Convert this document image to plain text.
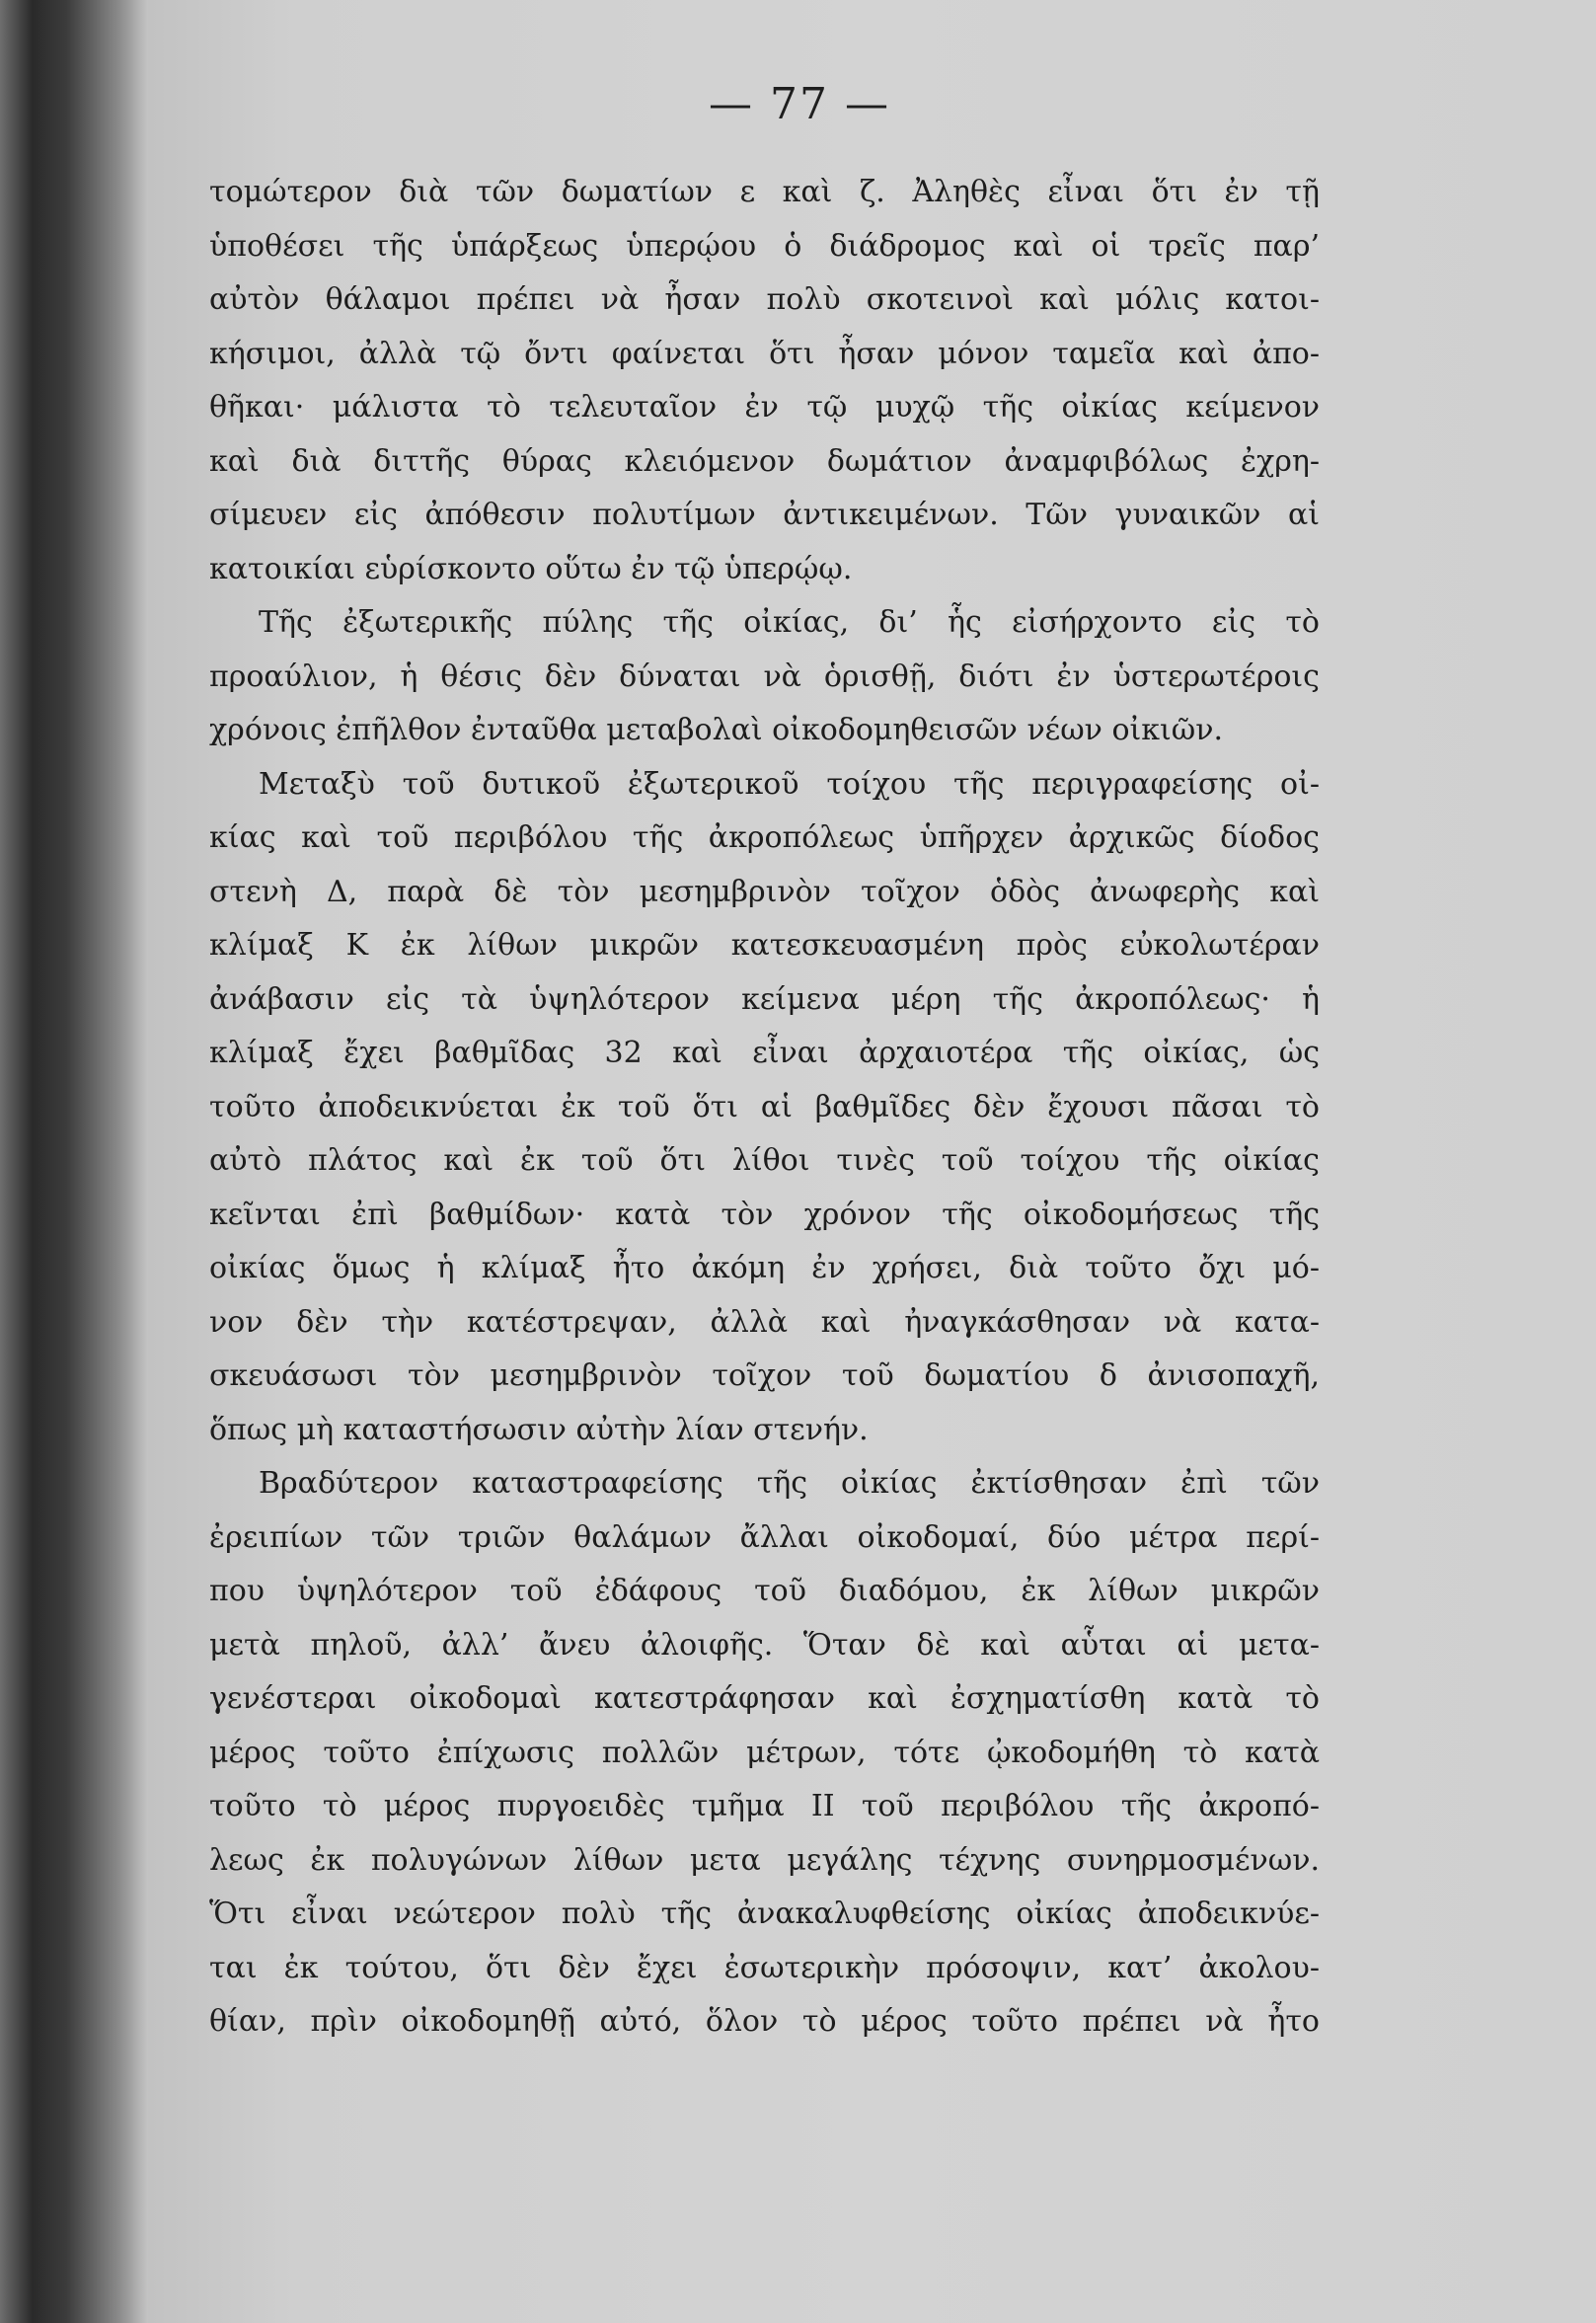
— 77 —
τομώτερον διὰ τῶν δωματίων ε καὶ ζ. Ἀληθὲς εἶναι ὅτι ἐν τῇ
ὑποθέσει τῆς ὑπάρξεως ὑπερῴου ὁ διάδρομος καὶ οἱ τρεῖς παρ’
αὐτὸν θάλαμοι πρέπει νὰ ἦσαν πολὺ σκοτεινοὶ καὶ μόλις κατοι-
κήσιμοι, ἀλλὰ τῷ ὄντι φαίνεται ὅτι ἦσαν μόνον ταμεῖα καὶ ἀπο-
θῆκαι· μάλιστα τὸ τελευταῖον ἐν τῷ μυχῷ τῆς οἰκίας κείμενον
καὶ διὰ διττῆς θύρας κλειόμενον δωμάτιον ἀναμφιβόλως ἐχρη-
σίμευεν εἰς ἀπόθεσιν πολυτίμων ἀντικειμένων. Τῶν γυναικῶν αἱ
κατοικίαι εὑρίσκοντο οὕτω ἐν τῷ ὑπερῴῳ.
Τῆς ἐξωτερικῆς πύλης τῆς οἰκίας, δι’ ἧς εἰσήρχοντο εἰς τὸ
προαύλιον, ἡ θέσις δὲν δύναται νὰ ὁρισθῇ, διότι ἐν ὑστερωτέροις
χρόνοις ἐπῆλθον ἐνταῦθα μεταβολαὶ οἰκοδομηθεισῶν νέων οἰκιῶν.
Μεταξὺ τοῦ δυτικοῦ ἐξωτερικοῦ τοίχου τῆς περιγραφείσης οἰ-
κίας καὶ τοῦ περιβόλου τῆς ἀκροπόλεως ὑπῆρχεν ἀρχικῶς δίοδος
στενὴ Δ, παρὰ δὲ τὸν μεσημβρινὸν τοῖχον ὁδὸς ἀνωφερὴς καὶ
κλίμαξ Κ ἐκ λίθων μικρῶν κατεσκευασμένη πρὸς εὐκολωτέραν
ἀνάβασιν εἰς τὰ ὑψηλότερον κείμενα μέρη τῆς ἀκροπόλεως· ἡ
κλίμαξ ἔχει βαθμῖδας 32 καὶ εἶναι ἀρχαιοτέρα τῆς οἰκίας, ὡς
τοῦτο ἀποδεικνύεται ἐκ τοῦ ὅτι αἱ βαθμῖδες δὲν ἔχουσι πᾶσαι τὸ
αὐτὸ πλάτος καὶ ἐκ τοῦ ὅτι λίθοι τινὲς τοῦ τοίχου τῆς οἰκίας
κεῖνται ἐπὶ βαθμίδων· κατὰ τὸν χρόνον τῆς οἰκοδομήσεως τῆς
οἰκίας ὅμως ἡ κλίμαξ ἦτο ἀκόμη ἐν χρήσει, διὰ τοῦτο ὄχι μό-
νον δὲν τὴν κατέστρεψαν, ἀλλὰ καὶ ἠναγκάσθησαν νὰ κατα-
σκευάσωσι τὸν μεσημβρινὸν τοῖχον τοῦ δωματίου δ ἀνισοπαχῆ,
ὅπως μὴ καταστήσωσιν αὐτὴν λίαν στενήν.
Βραδύτερον καταστραφείσης τῆς οἰκίας ἐκτίσθησαν ἐπὶ τῶν
ἐρειπίων τῶν τριῶν θαλάμων ἄλλαι οἰκοδομαί, δύο μέτρα περί-
που ὑψηλότερον τοῦ ἐδάφους τοῦ διαδόμου, ἐκ λίθων μικρῶν
μετὰ πηλοῦ, ἀλλ’ ἄνευ ἀλοιφῆς. Ὅταν δὲ καὶ αὗται αἱ μετα-
γενέστεραι οἰκοδομαὶ κατεστράφησαν καὶ ἐσχηματίσθη κατὰ τὸ
μέρος τοῦτο ἐπίχωσις πολλῶν μέτρων, τότε ᾠκοδομήθη τὸ κατὰ
τοῦτο τὸ μέρος πυργοειδὲς τμῆμα ΙΙ τοῦ περιβόλου τῆς ἀκροπό-
λεως ἐκ πολυγώνων λίθων μετα μεγάλης τέχνης συνηρμοσμένων.
Ὅτι εἶναι νεώτερον πολὺ τῆς ἀνακαλυφθείσης οἰκίας ἀποδεικνύε-
ται ἐκ τούτου, ὅτι δὲν ἔχει ἐσωτερικὴν πρόσοψιν, κατ’ ἀκολου-
θίαν, πρὶν οἰκοδομηθῇ αὐτό, ὅλον τὸ μέρος τοῦτο πρέπει νὰ ἦτο
